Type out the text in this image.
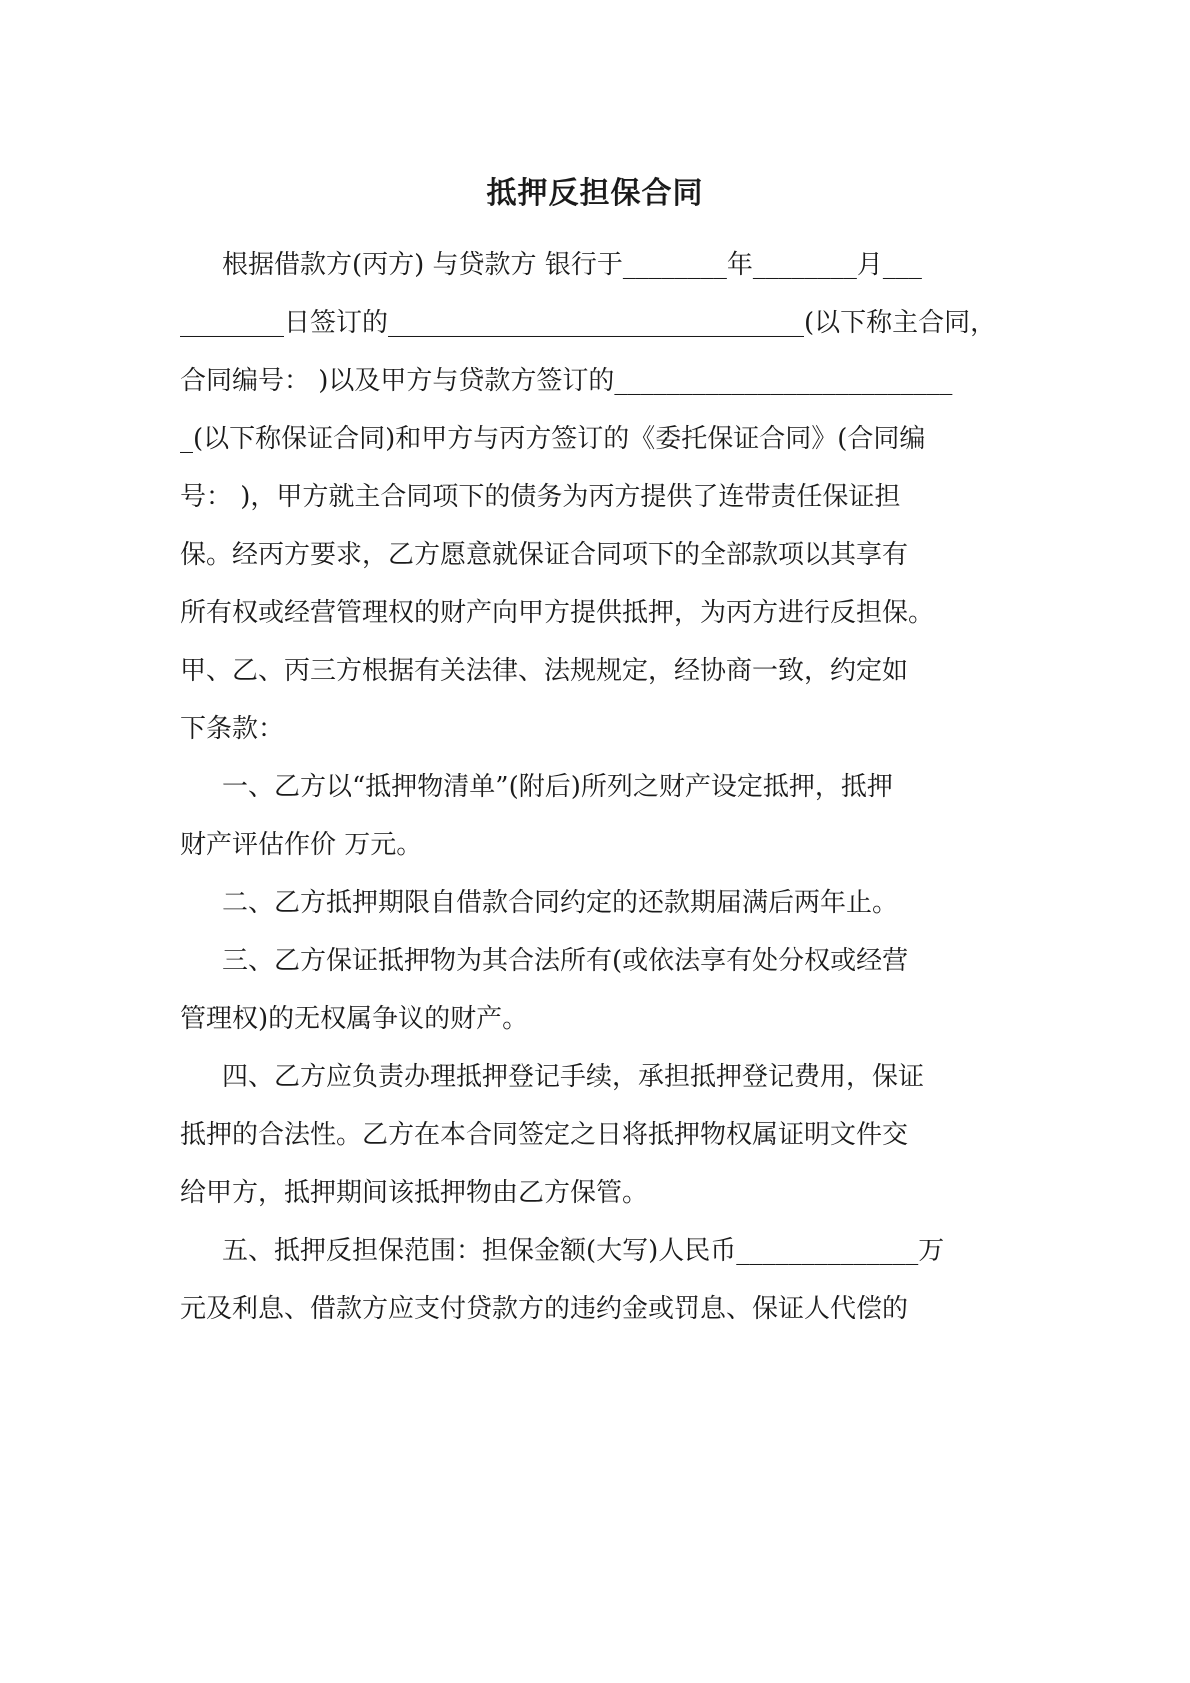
抵押反担保合同
根据借款方(丙方) 与贷款方 银行于________年________月___
________日签订的________________________________(以下称主合同，
合同编号： )以及甲方与贷款方签订的__________________________
_(以下称保证合同)和甲方与丙方签订的《委托保证合同》(合同编
号： )，甲方就主合同项下的债务为丙方提供了连带责任保证担
保。经丙方要求，乙方愿意就保证合同项下的全部款项以其享有
所有权或经营管理权的财产向甲方提供抵押，为丙方进行反担保。
甲、乙、丙三方根据有关法律、法规规定，经协商一致，约定如
下条款：
一、乙方以“抵押物清单”(附后)所列之财产设定抵押，抵押
财产评估作价 万元。
二、乙方抵押期限自借款合同约定的还款期届满后两年止。
三、乙方保证抵押物为其合法所有(或依法享有处分权或经营
管理权)的无权属争议的财产。
四、乙方应负责办理抵押登记手续，承担抵押登记费用，保证
抵押的合法性。乙方在本合同签定之日将抵押物权属证明文件交
给甲方，抵押期间该抵押物由乙方保管。
五、抵押反担保范围：担保金额(大写)人民币______________万
元及利息、借款方应支付贷款方的违约金或罚息、保证人代偿的
